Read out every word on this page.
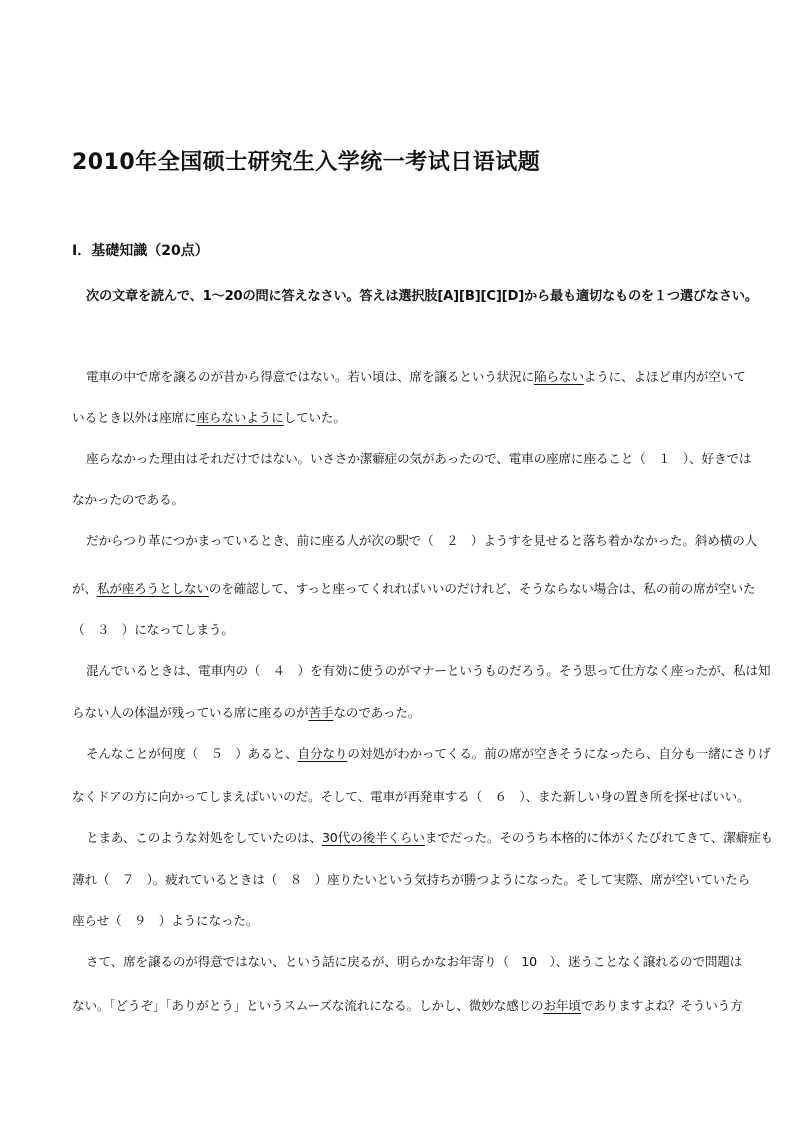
2010年全国硕士研究生入学统一考试日语试题
Ⅰ．基礎知識（20点）
次の文章を読んで、1～20の問に答えなさい。答えは選択肢[A][B][C][D]から最も適切なものを１つ選びなさい。
電車の中で席を譲るのが昔から得意ではない。若い頃は、席を譲るという状況に陥らないように、よほど車内が空いて
いるとき以外は座席に座らないようにしていた。
座らなかった理由はそれだけではない。いささか潔癖症の気があったので、電車の座席に座ること（　１　）、好きでは
なかったのである。
だからつり革につかまっているとき、前に座る人が次の駅で（　２　）ようすを見せると落ち着かなかった。斜め横の人
が、私が座ろうとしないのを確認して、すっと座ってくれればいいのだけれど、そうならない場合は、私の前の席が空いた
（　３　）になってしまう。
混んでいるときは、電車内の（　４　）を有効に使うのがマナーというものだろう。そう思って仕方なく座ったが、私は知
らない人の体温が残っている席に座るのが苦手なのであった。
そんなことが何度（　５　）あると、自分なりの対処がわかってくる。前の席が空きそうになったら、自分も一緒にさりげ
なくドアの方に向かってしまえばいいのだ。そして、電車が再発車する（　６　）、また新しい身の置き所を探せばいい。
とまあ、このような対処をしていたのは、30代の後半くらいまでだった。そのうち本格的に体がくたびれてきて、潔癖症も
薄れ（　７　）。疲れているときは（　８　）座りたいという気持ちが勝つようになった。そして実際、席が空いていたら
座らせ（　９　）ようになった。
さて、席を譲るのが得意ではない、という話に戻るが、明らかなお年寄り（　10　）、迷うことなく譲れるので問題は
ない。「どうぞ」「ありがとう」というスムーズな流れになる。しかし、微妙な感じのお年頃でありますよね？そういう方
